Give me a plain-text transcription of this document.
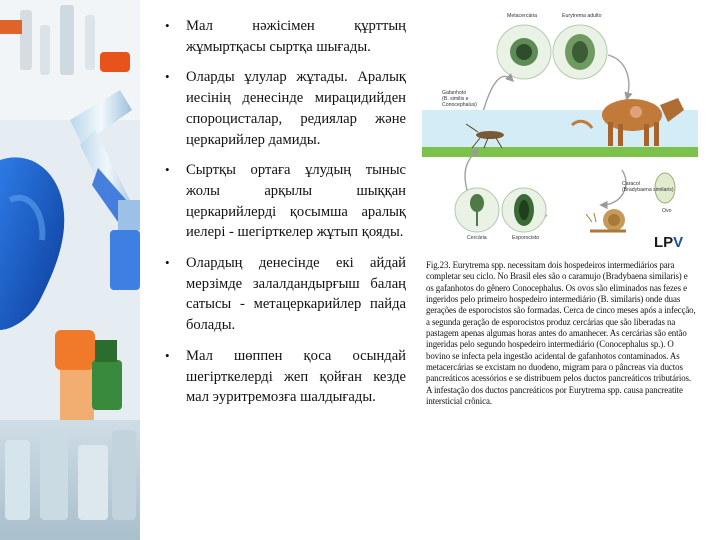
• Мал нәжісімен құрттың жұмыртқасы сыртқа шығады.
• Оларды ұлулар жұтады. Аралық иесінің денесінде мирацидийден спороцисталар, редиялар және церкарийлер дамиды.
• Сыртқы ортаға ұлудың тыныс жолы арқылы шыққан церкарийлерді қосымша аралық иелері - шегірткелер жұтып қояды.
• Олардың денесінде екі айдай мерзімде залалдандырғыш балаң сатысы - метацеркарийлер пайда болады.
• Мал шөппен қоса осындай шегірткелерді жеп қойған кезде мал эуритремозға шалдығады.
Metacercária	Eurytrema adulto
Gafanhoto
(B. similis e
Conocephalus)
Caracol
(Bradybaena similaris)
Ovo
Cercária	Esporocisto	LPV

Fig.23. Eurytrema spp. necessitam dois hospedeiros intermediários para completar seu ciclo. No Brasil eles são o caramujo (Bradybaena similaris) e os gafanhotos do gênero Conocephalus. Os ovos são eliminados nas fezes e ingeridos pelo primeiro hospedeiro intermediário (B. similaris) onde duas gerações de esporocistos são formadas. Cerca de cinco meses após a infecção, a segunda geração de esporocistos produz cercárias que são liberadas na pastagem apenas algumas horas antes do amanhecer. As cercárias são então ingeridas pelo segundo hospedeiro intermediário (Conocephalus sp.). O bovino se infecta pela ingestão acidental de gafanhotos contaminados. As metacercárias se excistam no duodeno, migram para o pâncreas via ductos pancreáticos acessórios e se distribuem pelos ductos pancreáticos tributários. A infestação dos ductos pancreáticos por Eurytrema spp. causa pancreatite intersticial crônica.
